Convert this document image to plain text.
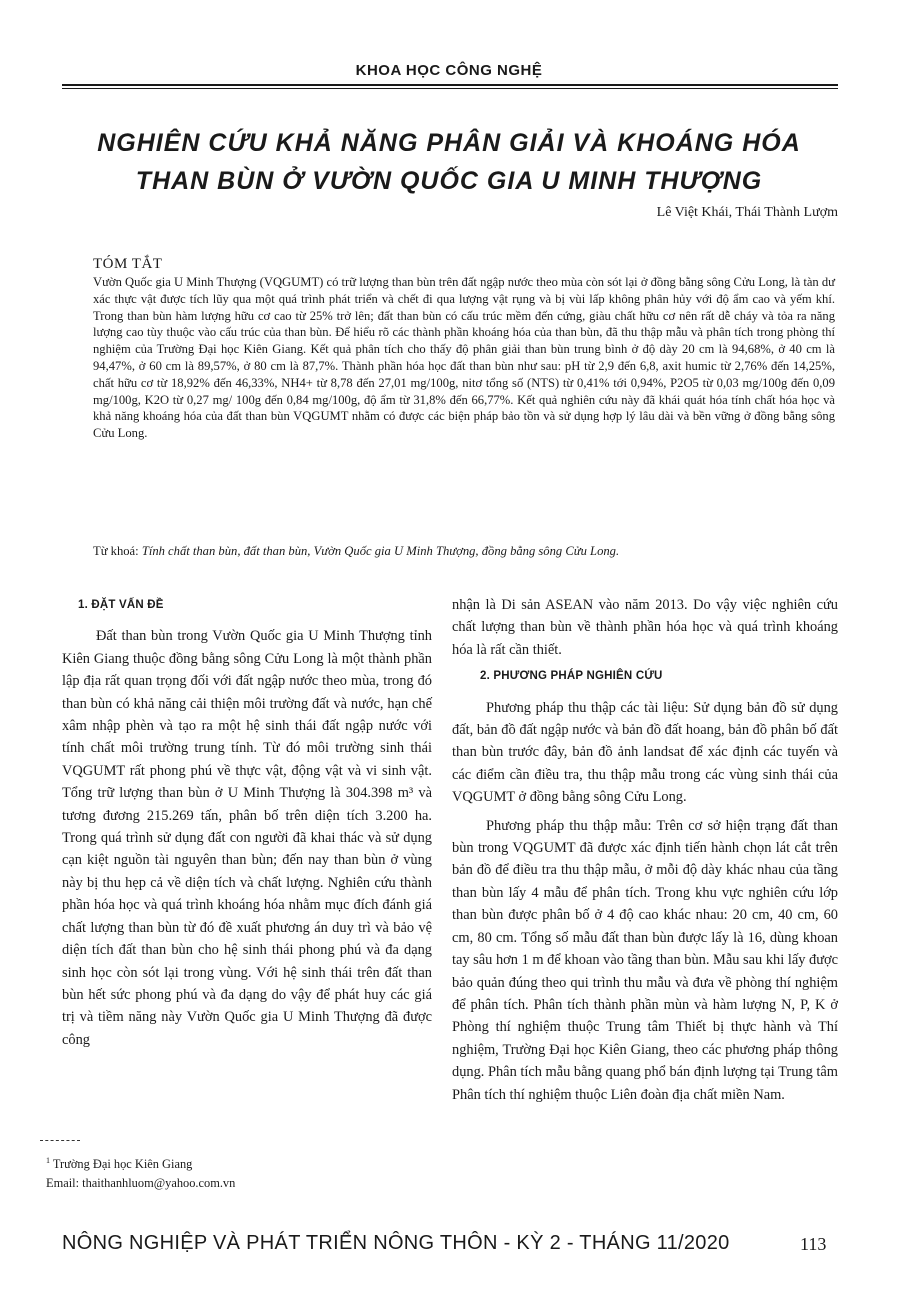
KHOA HỌC CÔNG NGHỆ
NGHIÊN CỨU KHẢ NĂNG PHÂN GIẢI VÀ KHOÁNG HÓA
THAN BÙN Ở VƯỜN QUỐC GIA U MINH THƯỢNG
Lê Việt Khái, Thái Thành Lượm
TÓM TẮT
Vườn Quốc gia U Minh Thượng (VQGUMT) có trữ lượng than bùn trên đất ngập nước theo mùa còn sót lại ở đồng bằng sông Cửu Long, là tàn dư xác thực vật được tích lũy qua một quá trình phát triển và chết đi qua lượng vật rụng và bị vùi lấp không phân hủy với độ ẩm cao và yếm khí. Trong than bùn hàm lượng hữu cơ cao từ 25% trở lên; đất than bùn có cấu trúc mềm đến cứng, giàu chất hữu cơ nên rất dễ cháy và tỏa ra năng lượng cao tùy thuộc vào cấu trúc của than bùn. Để hiểu rõ các thành phần khoáng hóa của than bùn, đã thu thập mẫu và phân tích trong phòng thí nghiệm của Trường Đại học Kiên Giang. Kết quả phân tích cho thấy độ phân giải than bùn trung bình ở độ dày 20 cm là 94,68%, ở 40 cm là 94,47%, ở 60 cm là 89,57%, ở 80 cm là 87,7%. Thành phần hóa học đất than bùn như sau: pH từ 2,9 đến 6,8, axit humic từ 2,76% đến 14,25%, chất hữu cơ từ 18,92% đến 46,33%, NH4+ từ 8,78 đến 27,01 mg/100g, nitơ tổng số (NTS) từ 0,41% tới 0,94%, P2O5 từ 0,03 mg/100g đến 0,09 mg/100g, K2O từ 0,27 mg/ 100g đến 0,84 mg/100g, độ ẩm từ 31,8% đến 66,77%. Kết quả nghiên cứu này đã khái quát hóa tính chất hóa học và khả năng khoáng hóa của đất than bùn VQGUMT nhằm có được các biện pháp bảo tồn và sử dụng hợp lý lâu dài và bền vững ở đồng bằng sông Cửu Long.
Từ khoá: Tính chất than bùn, đất than bùn, Vườn Quốc gia U Minh Thượng, đồng bằng sông Cửu Long.
1. ĐẶT VẤN ĐỀ

Đất than bùn trong Vườn Quốc gia U Minh Thượng tỉnh Kiên Giang thuộc đồng bằng sông Cửu Long là một thành phần lập địa rất quan trọng đối với đất ngập nước theo mùa, trong đó than bùn có khả năng cải thiện môi trường đất và nước, hạn chế xâm nhập phèn và tạo ra một hệ sinh thái đất ngập nước với tính chất môi trường trung tính. Từ đó môi trường sinh thái VQGUMT rất phong phú về thực vật, động vật và vi sinh vật. Tổng trữ lượng than bùn ở U Minh Thượng là 304.398 m³ và tương đương 215.269 tấn, phân bố trên diện tích 3.200 ha. Trong quá trình sử dụng đất con người đã khai thác và sử dụng cạn kiệt nguồn tài nguyên than bùn; đến nay than bùn ở vùng này bị thu hẹp cả về diện tích và chất lượng. Nghiên cứu thành phần hóa học và quá trình khoáng hóa nhằm mục đích đánh giá chất lượng than bùn từ đó đề xuất phương án duy trì và bảo vệ diện tích đất than bùn cho hệ sinh thái phong phú và đa dạng sinh học còn sót lại trong vùng. Với hệ sinh thái trên đất than bùn hết sức phong phú và đa dạng do vậy để phát huy các giá trị và tiềm năng này Vườn Quốc gia U Minh Thượng đã được công

nhận là Di sản ASEAN vào năm 2013. Do vậy việc nghiên cứu chất lượng than bùn về thành phần hóa học và quá trình khoáng hóa là rất cần thiết.

2. PHƯƠNG PHÁP NGHIÊN CỨU

Phương pháp thu thập các tài liệu: Sử dụng bản đồ sử dụng đất, bản đồ đất ngập nước và bản đồ đất hoang, bản đồ phân bố đất than bùn trước đây, bản đồ ảnh landsat để xác định các tuyến và các điểm cần điều tra, thu thập mẫu trong các vùng sinh thái của VQGUMT ở đồng bằng sông Cửu Long.

Phương pháp thu thập mẫu: Trên cơ sở hiện trạng đất than bùn trong VQGUMT đã được xác định tiến hành chọn lát cắt trên bản đồ để điều tra thu thập mẫu, ở mỗi độ dày khác nhau của tầng than bùn lấy 4 mẫu để phân tích. Trong khu vực nghiên cứu lớp than bùn được phân bố ở 4 độ cao khác nhau: 20 cm, 40 cm, 60 cm, 80 cm. Tổng số mẫu đất than bùn được lấy là 16, dùng khoan tay sâu hơn 1 m để khoan vào tầng than bùn. Mẫu sau khi lấy được bảo quản đúng theo qui trình thu mẫu và đưa về phòng thí nghiệm để phân tích. Phân tích thành phần mùn và hàm lượng N, P, K ở Phòng thí nghiệm thuộc Trung tâm Thiết bị thực hành và Thí nghiệm, Trường Đại học Kiên Giang, theo các phương pháp thông dụng. Phân tích mẫu bằng quang phổ bán định lượng tại Trung tâm Phân tích thí nghiệm thuộc Liên đoàn địa chất miền Nam.

$^1$ Trường Đại học Kiên Giang
Email: thaithanhluom@yahoo.com.vn
NÔNG NGHIỆP VÀ PHÁT TRIỂN NÔNG THÔN - KỲ 2 - THÁNG 11/2020	113
